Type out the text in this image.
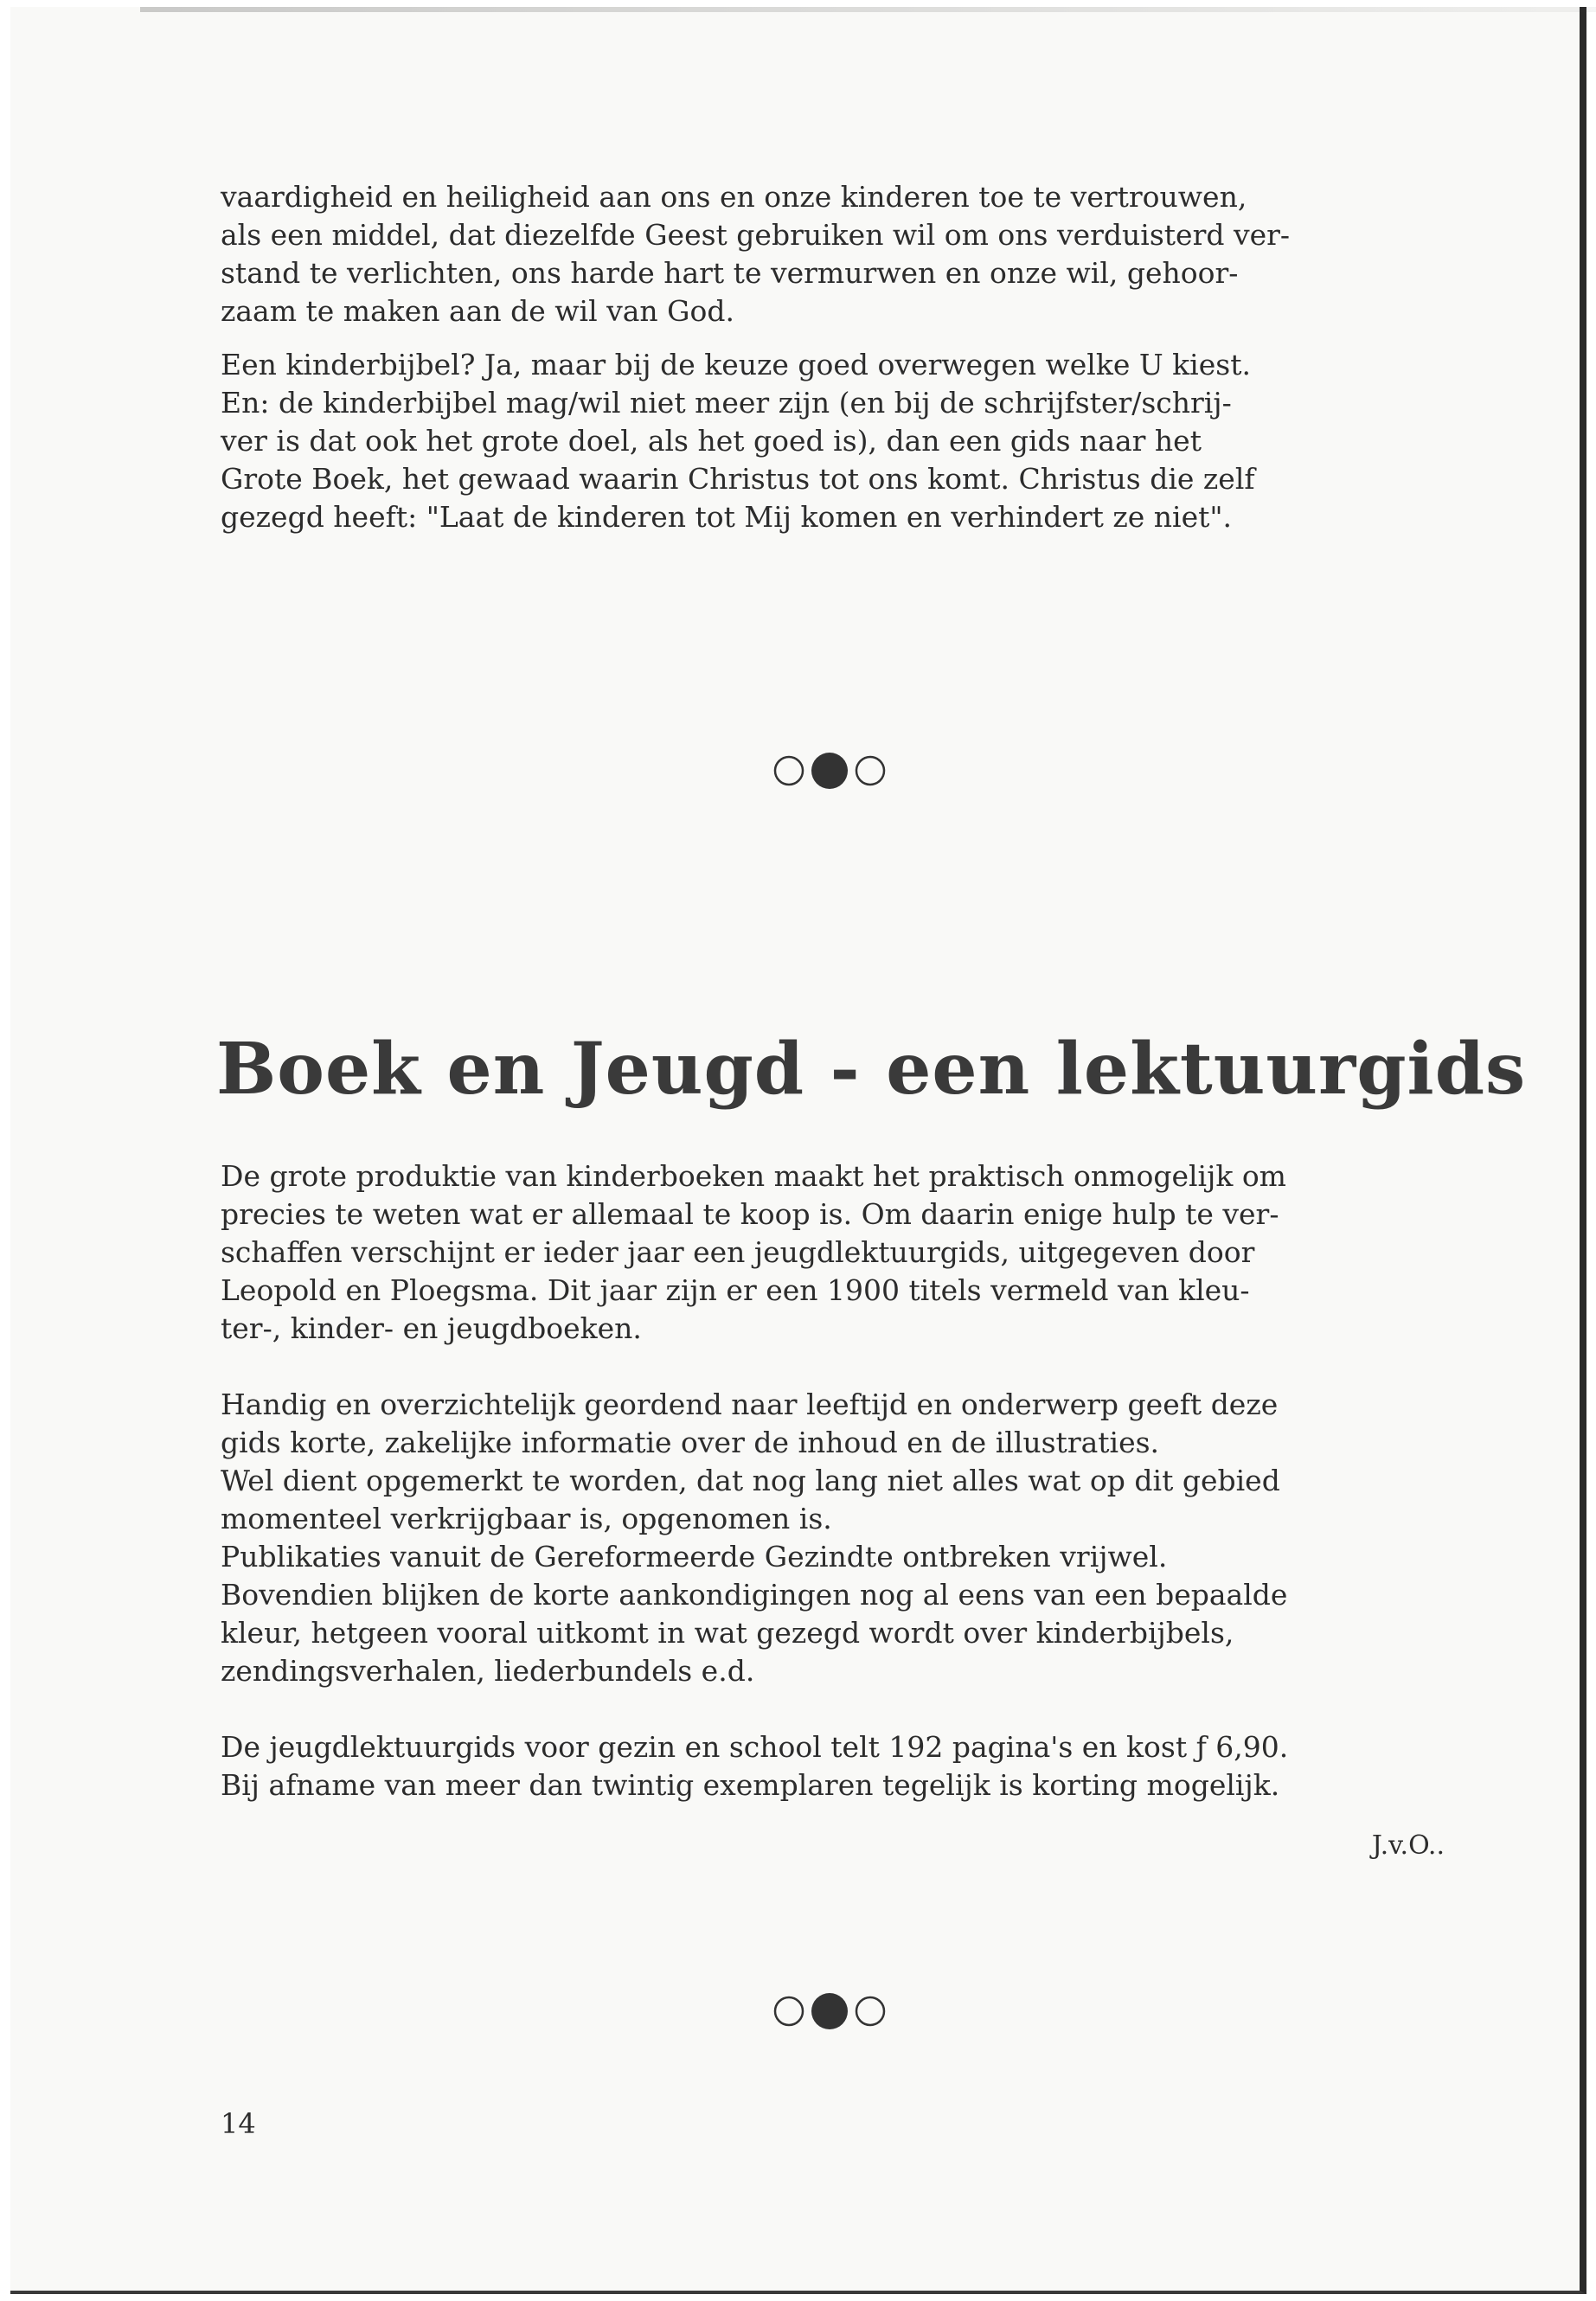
vaardigheid en heiligheid aan ons en onze kinderen toe te vertrouwen,
als een middel, dat diezelfde Geest gebruiken wil om ons verduisterd ver-
stand te verlichten, ons harde hart te vermurwen en onze wil, gehoor-
zaam te maken aan de wil van God.
Een kinderbijbel? Ja, maar bij de keuze goed overwegen welke U kiest.
En: de kinderbijbel mag/wil niet meer zijn (en bij de schrijfster/schrij-
ver is dat ook het grote doel, als het goed is), dan een gids naar het
Grote Boek, het gewaad waarin Christus tot ons komt. Christus die zelf
gezegd heeft: "Laat de kinderen tot Mij komen en verhindert ze niet".
Boek en Jeugd - een lektuurgids
De grote produktie van kinderboeken maakt het praktisch onmogelijk om
precies te weten wat er allemaal te koop is. Om daarin enige hulp te ver-
schaffen verschijnt er ieder jaar een jeugdlektuurgids, uitgegeven door
Leopold en Ploegsma. Dit jaar zijn er een 1900 titels vermeld van kleu-
ter-, kinder- en jeugdboeken.
Handig en overzichtelijk geordend naar leeftijd en onderwerp geeft deze
gids korte, zakelijke informatie over de inhoud en de illustraties.
Wel dient opgemerkt te worden, dat nog lang niet alles wat op dit gebied
momenteel verkrijgbaar is, opgenomen is.
Publikaties vanuit de Gereformeerde Gezindte ontbreken vrijwel.
Bovendien blijken de korte aankondigingen nog al eens van een bepaalde
kleur, hetgeen vooral uitkomt in wat gezegd wordt over kinderbijbels,
zendingsverhalen, liederbundels e.d.
De jeugdlektuurgids voor gezin en school telt 192 pagina's en kost ƒ 6,90.
Bij afname van meer dan twintig exemplaren tegelijk is korting mogelijk.
J.v.O..
14
